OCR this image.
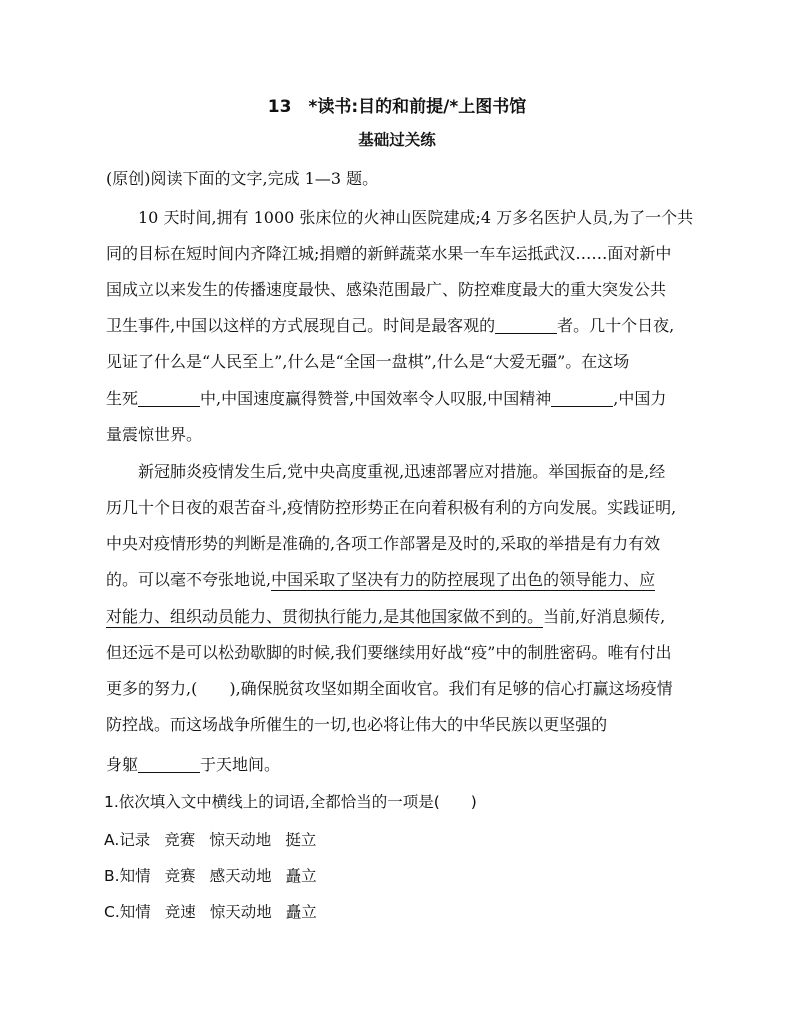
13　*读书:目的和前提/*上图书馆
基础过关练
(原创)阅读下面的文字,完成 1—3 题。
10 天时间,拥有 1000 张床位的火神山医院建成;4 万多名医护人员,为了一个共
同的目标在短时间内齐降江城;捐赠的新鲜蔬菜水果一车车运抵武汉……面对新中
国成立以来发生的传播速度最快、感染范围最广、防控难度最大的重大突发公共
卫生事件,中国以这样的方式展现自己。时间是最客观的	者。几十个日夜,
见证了什么是“人民至上”,什么是“全国一盘棋”,什么是“大爱无疆”。在这场
生死	中,中国速度赢得赞誉,中国效率令人叹服,中国精神	,中国力
量震惊世界。
新冠肺炎疫情发生后,党中央高度重视,迅速部署应对措施。举国振奋的是,经
历几十个日夜的艰苦奋斗,疫情防控形势正在向着积极有利的方向发展。实践证明,
中央对疫情形势的判断是准确的,各项工作部署是及时的,采取的举措是有力有效
的。可以毫不夸张地说,中国采取了坚决有力的防控展现了出色的领导能力、应
对能力、组织动员能力、贯彻执行能力,是其他国家做不到的。当前,好消息频传,
但还远不是可以松劲歇脚的时候,我们要继续用好战“疫”中的制胜密码。唯有付出
更多的努力,(　　),确保脱贫攻坚如期全面收官。我们有足够的信心打赢这场疫情
防控战。而这场战争所催生的一切,也必将让伟大的中华民族以更坚强的
身躯	于天地间。
1.依次填入文中横线上的词语,全都恰当的一项是(　　)
A.记录 竞赛 惊天动地 挺立
B.知情 竞赛 感天动地 矗立
C.知情 竞速 惊天动地 矗立
